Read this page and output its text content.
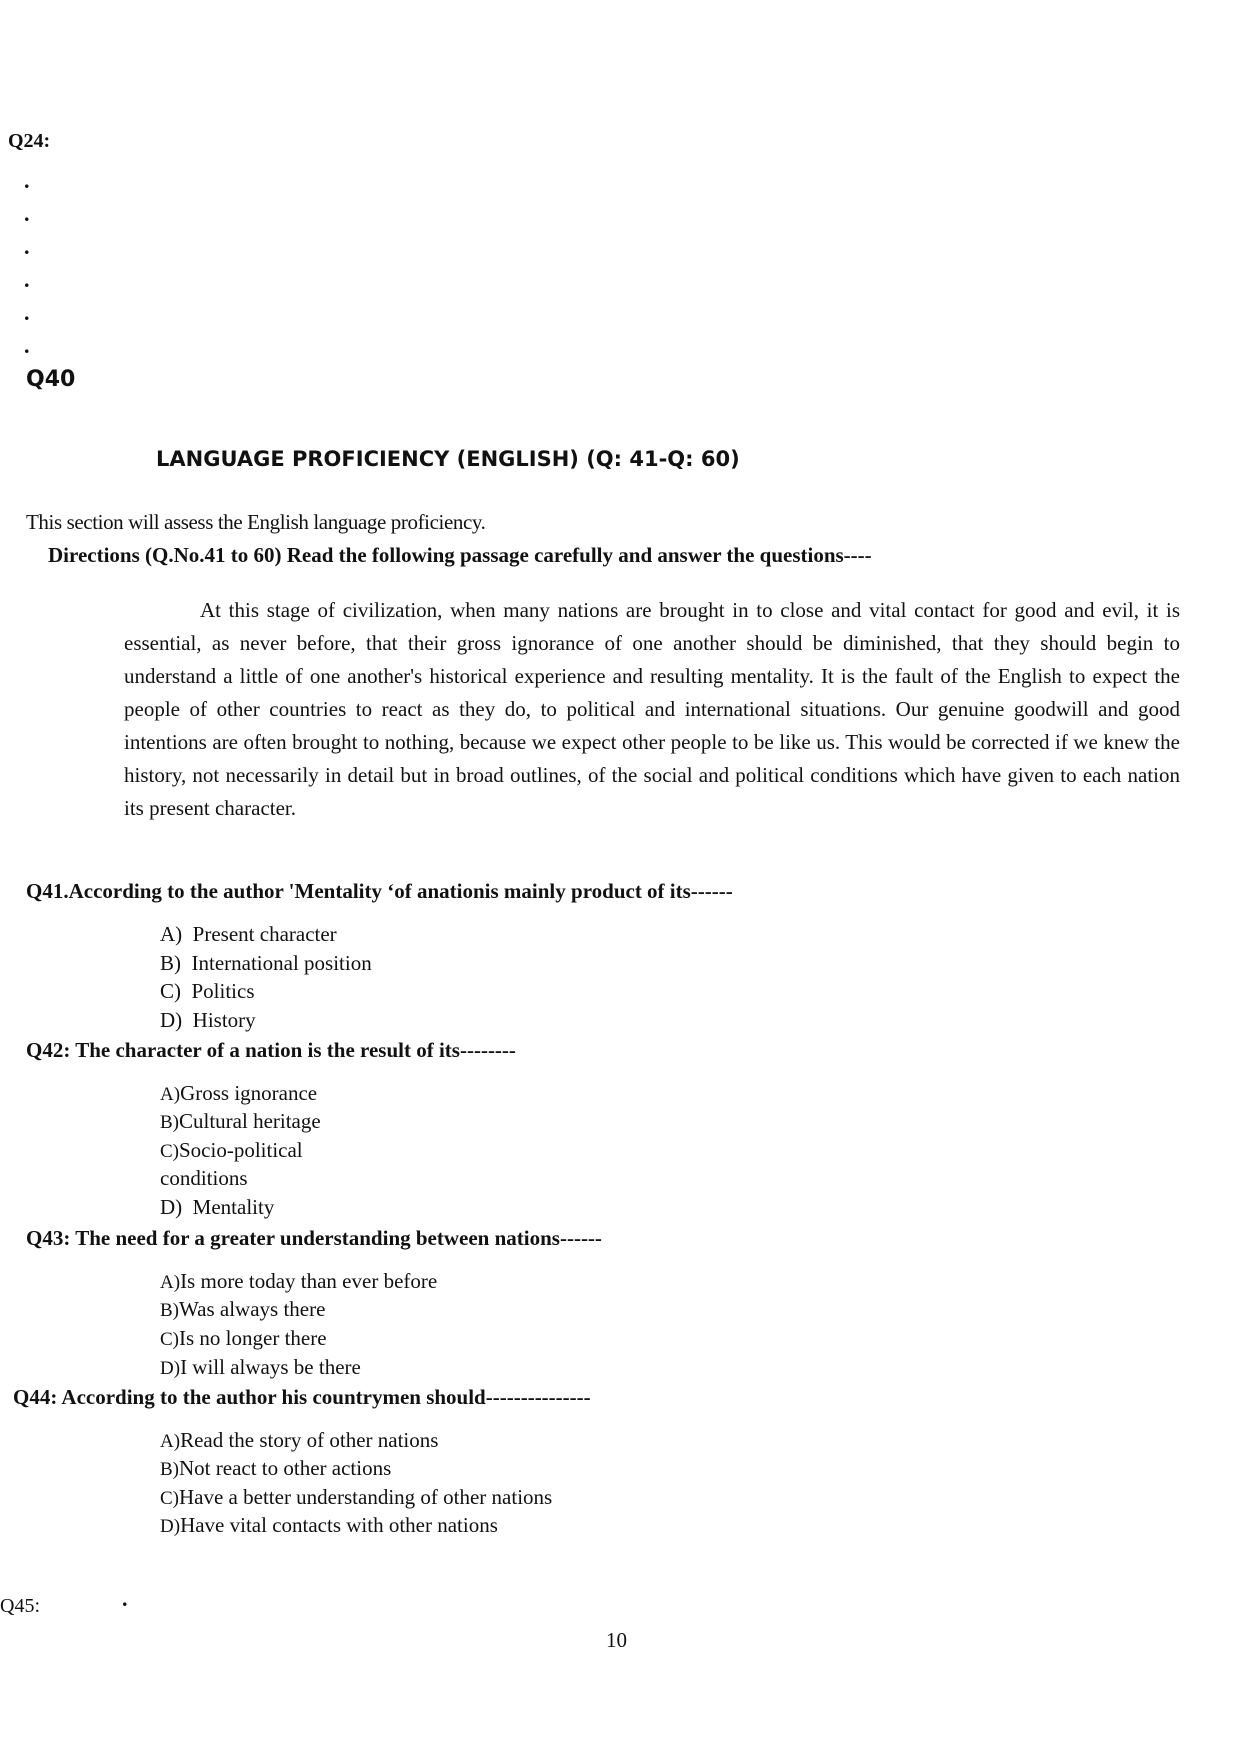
Q24:
.
.
.
.
.
.
Q40
LANGUAGE PROFICIENCY (ENGLISH) (Q: 41-Q: 60)
This section will assess the English language proficiency.
Directions (Q.No.41 to 60) Read the following passage carefully and answer the questions----
At this stage of civilization, when many nations are brought in to close and vital contact for good and evil, it is essential, as never before, that their gross ignorance of one another should be diminished, that they should begin to understand a little of one another's historical experience and resulting mentality. It is the fault of the English to expect the people of other countries to react as they do, to political and international situations. Our genuine goodwill and good intentions are often brought to nothing, because we expect other people to be like us. This would be corrected if we knew the history, not necessarily in detail but in broad outlines, of the social and political conditions which have given to each nation its present character.
Q41.According to the author 'Mentality ‘of anationis mainly product of its------
A) Present character
B) International position
C) Politics
D) History
Q42: The character of a nation is the result of its--------
A)Gross ignorance
B)Cultural heritage
C)Socio-political
conditions
D) Mentality
Q43: The need for a greater understanding between nations------
A)Is more today than ever before
B)Was always there
C)Is no longer there
D)I will always be there
Q44: According to the author his countrymen should---------------
A)Read the story of other nations
B)Not react to other actions
C)Have a better understanding of other nations
D)Have vital contacts with other nations
Q45:	.
10
